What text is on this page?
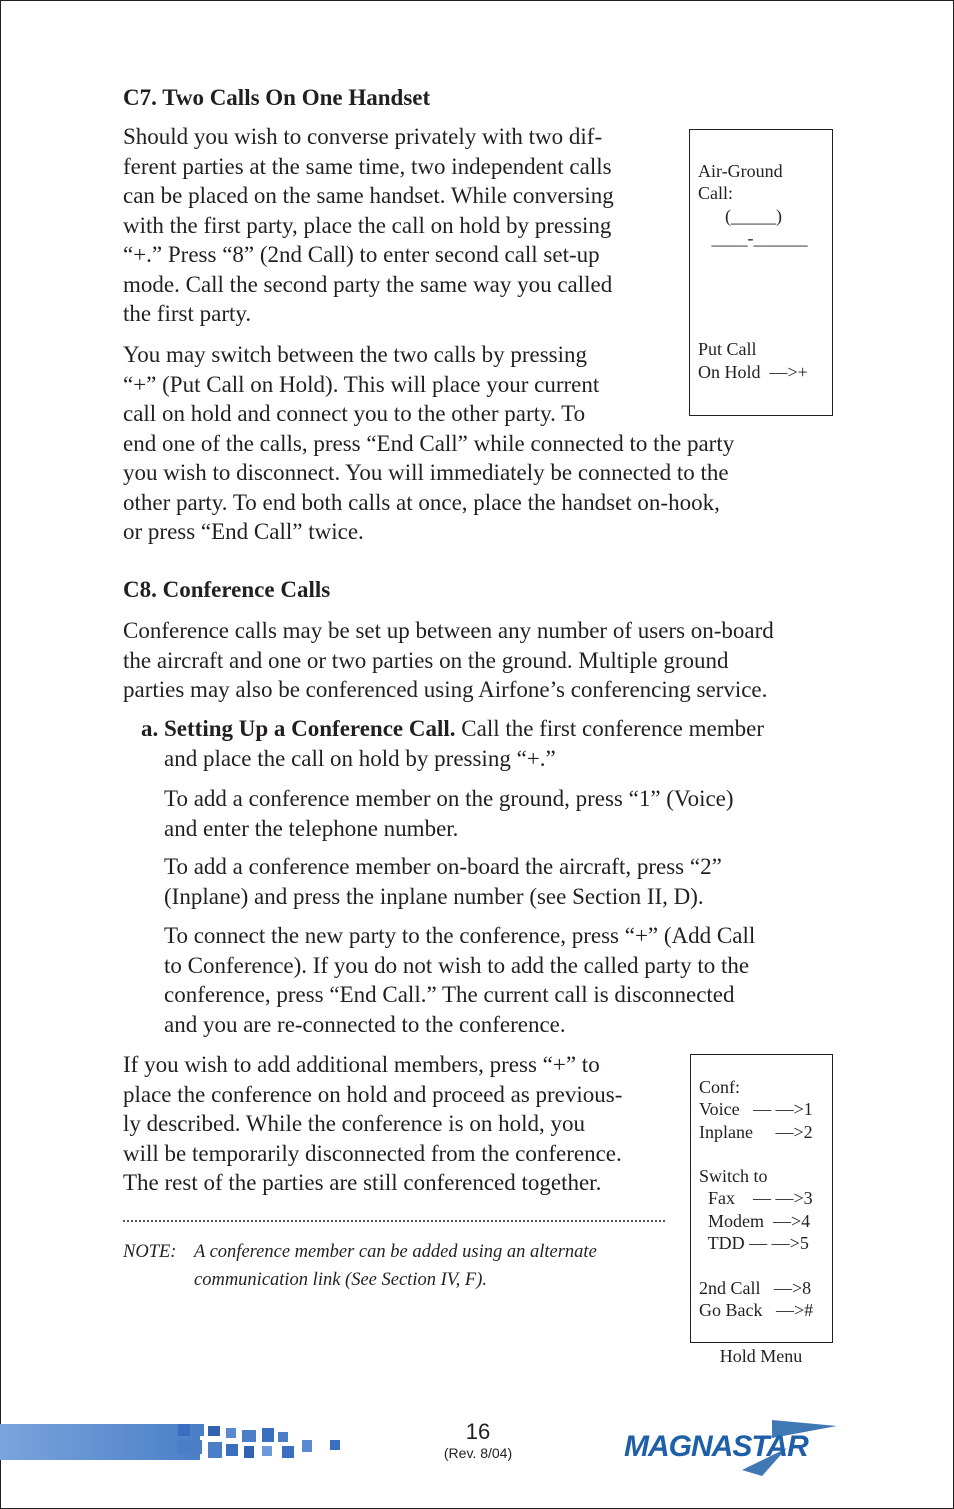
C7. Two Calls On One Handset

Should you wish to converse privately with two dif-

ferent parties at the same time, two independent calls

can be placed on the same handset. While conversing

with the first party, place the call on hold by pressing

“+.” Press “8” (2nd Call) to enter second call set-up

mode. Call the second party the same way you called

the first party.

You may switch between the two calls by pressing

“+” (Put Call on Hold). This will place your current

call on hold and connect you to the other party. To

end one of the calls, press “End Call” while connected to the party

you wish to disconnect. You will immediately be connected to the

other party. To end both calls at once, place the handset on-hook,

or press “End Call” twice.

Air-Ground
Call:
(_____)
____-______

Put Call
On Hold  —>+

C8. Conference Calls

Conference calls may be set up between any number of users on-board

the aircraft and one or two parties on the ground. Multiple ground

parties may also be conferenced using Airfone’s conferencing service.

a. Setting Up a Conference Call. Call the first conference member

and place the call on hold by pressing “+.”

To add a conference member on the ground, press “1” (Voice)

and enter the telephone number.

To add a conference member on-board the aircraft, press “2”

(Inplane) and press the inplane number (see Section II, D).

To connect the new party to the conference, press “+” (Add Call

to Conference). If you do not wish to add the called party to the

conference, press “End Call.” The current call is disconnected

and you are re-connected to the conference.

If you wish to add additional members, press “+” to

place the conference on hold and proceed as previous-

ly described. While the conference is on hold, you

will be temporarily disconnected from the conference.

The rest of the parties are still conferenced together.

NOTE: A conference member can be added using an alternate
communication link (See Section IV, F).
Conf:
Voice   — —>1
Inplane     —>2

Switch to
Fax    — —>3
Modem  —>4
TDD — —>5

2nd Call   —>8
Go Back   —>#
Hold Menu
16
(Rev. 8/04)	MAGNASTAR
